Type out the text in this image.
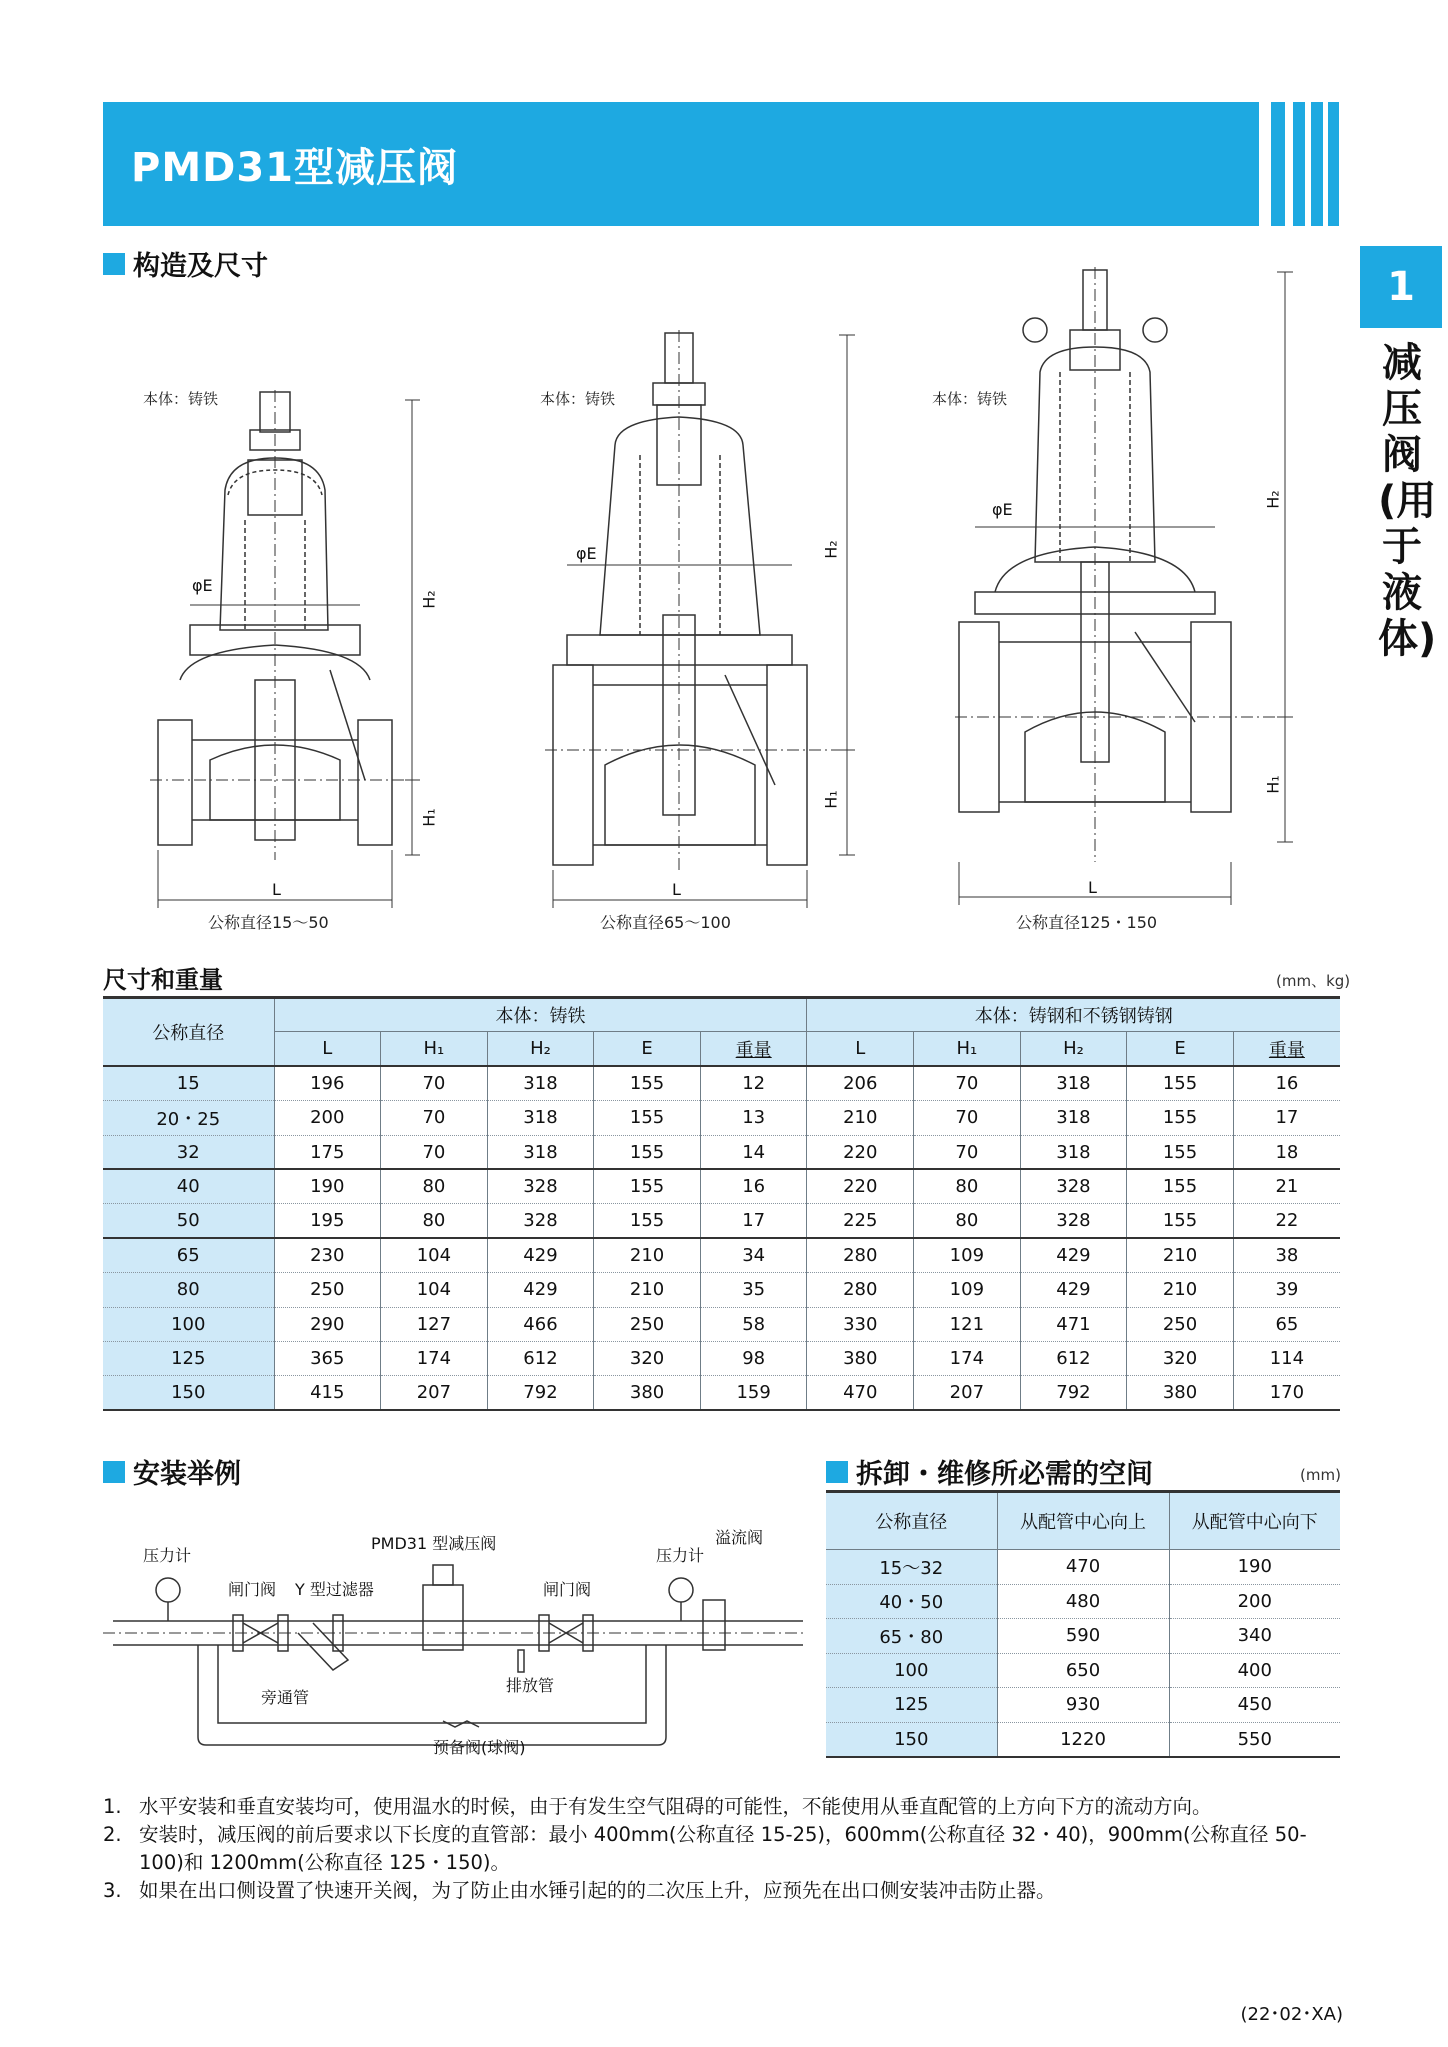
PMD31型减压阀
1
减压阀(用于液体)
构造及尺寸
本体：铸铁
φE
H₂
H₁
L
公称直径15～50
本体：铸铁
φE	H₂
H₁
L
公称直径65～100
本体：铸铁
φE
H₂
H₁
L
公称直径125・150
尺寸和重量	(mm、kg)
公称直径	本体：铸铁					本体：铸钢和不锈钢铸钢				
	L	H₁	H₂	E	重量	L	H₁	H₂	E	重量
15	196	70	318	155	12	206	70	318	155	16
20・25	200	70	318	155	13	210	70	318	155	17
32	175	70	318	155	14	220	70	318	155	18
40	190	80	328	155	16	220	80	328	155	21
50	195	80	328	155	17	225	80	328	155	22
65	230	104	429	210	34	280	109	429	210	38
80	250	104	429	210	35	280	109	429	210	39
100	290	127	466	250	58	330	121	471	250	65
125	365	174	612	320	98	380	174	612	320	114
150	415	207	792	380	159	470	207	792	380	170
安装举例
PMD31 型减压阀	溢流阀
压力计	压力计
闸门阀 Y 型过滤器	闸门阀
排放管
旁通管
预备阀(球阀)
拆卸・维修所必需的空间	(mm)
公称直径	从配管中心向上	从配管中心向下
15～32	470	190
40・50	480	200
65・80	590	340
100	650	400
125	930	450
150	1220	550
1. 水平安装和垂直安装均可，使用温水的时候，由于有发生空气阻碍的可能性，不能使用从垂直配管的上方向下方的流动方向。
2. 安装时，减压阀的前后要求以下长度的直管部：最小 400mm(公称直径 15-25)，600mm(公称直径 32・40)，900mm(公称直径 50-100)和 1200mm(公称直径 125・150)。
3. 如果在出口侧设置了快速开关阀，为了防止由水锤引起的的二次压上升，应预先在出口侧安装冲击防止器。
(22･02･XA)
